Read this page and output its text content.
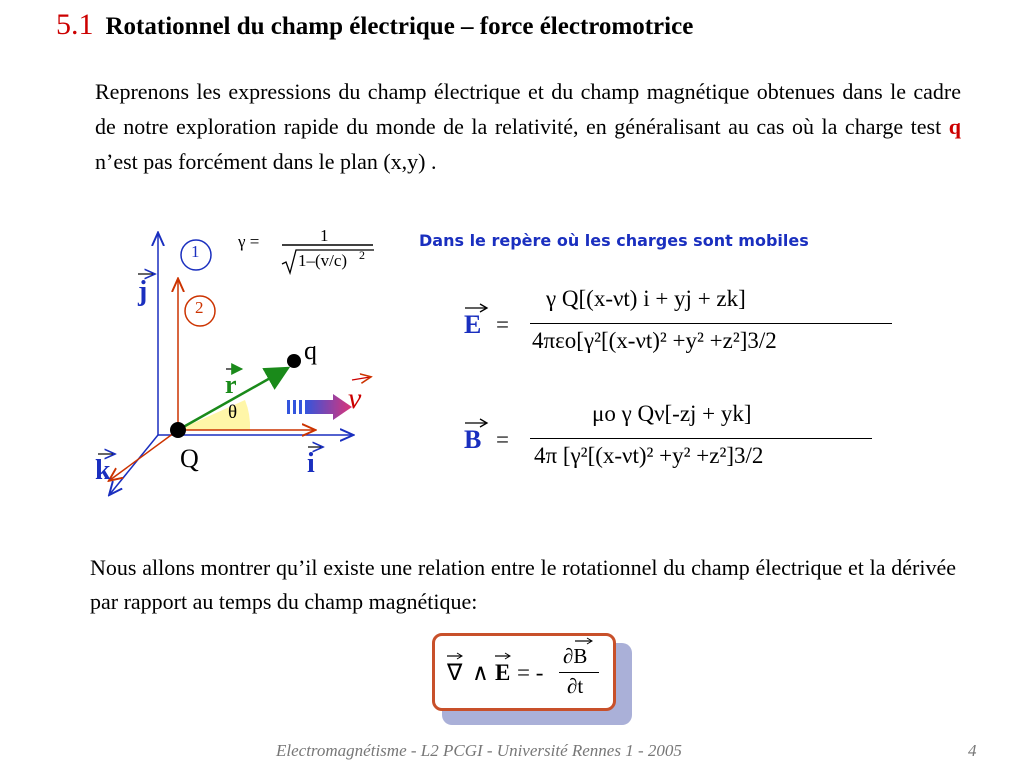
5.1 Rotationnel du champ électrique – force électromotrice
Reprenons les expressions du champ électrique et du champ magnétique obtenues dans le cadre de notre exploration rapide du monde de la relativité, en généralisant au cas où la charge test q n’est pas forcément dans le plan (x,y) .
γ =	1
1–(v/c) 2
Dans le repère où les charges sont mobiles
1
2
j
i
k
r
q
Q
θ	ν
E =
γ Q[(x-νt) i + yj + zk]
4πεo[γ²[(x-νt)² +y² +z²]3/2
B =
μo γ Qν[-zj + yk]
4π [γ²[(x-νt)² +y² +z²]3/2
Nous allons montrer qu’il existe une relation entre le rotationnel du champ électrique et la dérivée par rapport au temps du champ magnétique:
∇ ∧ E = -
∂B
∂t
Electromagnétisme - L2 PCGI - Université Rennes 1 - 2005	4
